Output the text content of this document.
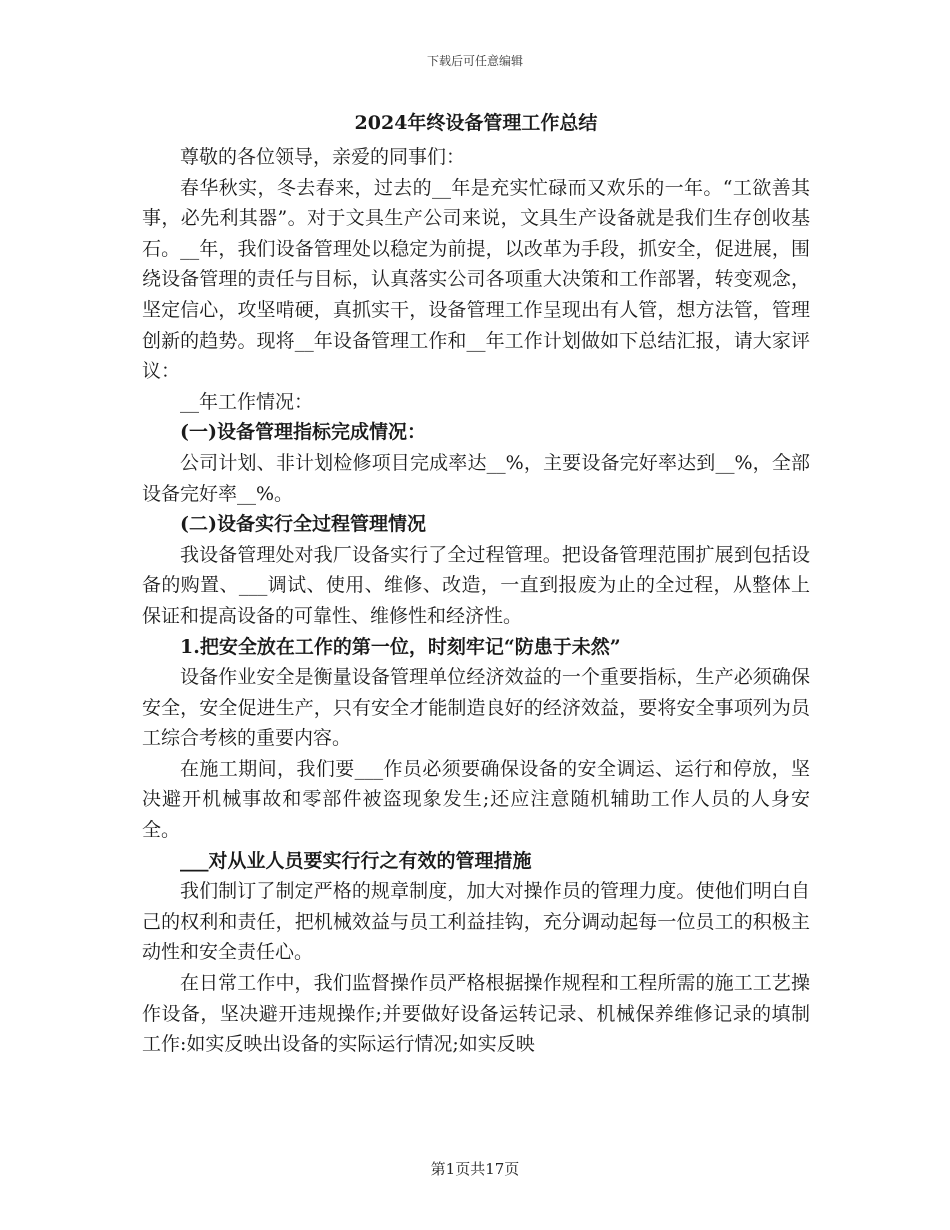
下载后可任意编辑
2024年终设备管理工作总结

尊敬的各位领导，亲爱的同事们：

春华秋实，冬去春来，过去的__年是充实忙碌而又欢乐的一年。“工欲善其事，必先利其器”。对于文具生产公司来说，文具生产设备就是我们生存创收基石。__年，我们设备管理处以稳定为前提，以改革为手段，抓安全，促进展，围绕设备管理的责任与目标，认真落实公司各项重大决策和工作部署，转变观念，坚定信心，攻坚啃硬，真抓实干，设备管理工作呈现出有人管，想方法管，管理创新的趋势。现将__年设备管理工作和__年工作计划做如下总结汇报，请大家评议：

__年工作情况：

(一)设备管理指标完成情况：

公司计划、非计划检修项目完成率达__%，主要设备完好率达到__%，全部设备完好率__%。

(二)设备实行全过程管理情况

我设备管理处对我厂设备实行了全过程管理。把设备管理范围扩展到包括设备的购置、___调试、使用、维修、改造，一直到报废为止的全过程，从整体上保证和提高设备的可靠性、维修性和经济性。

1.把安全放在工作的第一位，时刻牢记“防患于未然”

设备作业安全是衡量设备管理单位经济效益的一个重要指标，生产必须确保安全，安全促进生产，只有安全才能制造良好的经济效益，要将安全事项列为员工综合考核的重要内容。

在施工期间，我们要___作员必须要确保设备的安全调运、运行和停放，坚决避开机械事故和零部件被盗现象发生;还应注意随机辅助工作人员的人身安全。

___对从业人员要实行行之有效的管理措施

我们制订了制定严格的规章制度，加大对操作员的管理力度。使他们明白自己的权利和责任，把机械效益与员工利益挂钩，充分调动起每一位员工的积极主动性和安全责任心。

在日常工作中，我们监督操作员严格根据操作规程和工程所需的施工工艺操作设备，坚决避开违规操作;并要做好设备运转记录、机械保养维修记录的填制工作:如实反映出设备的实际运行情况;如实反映

第1页共17页
